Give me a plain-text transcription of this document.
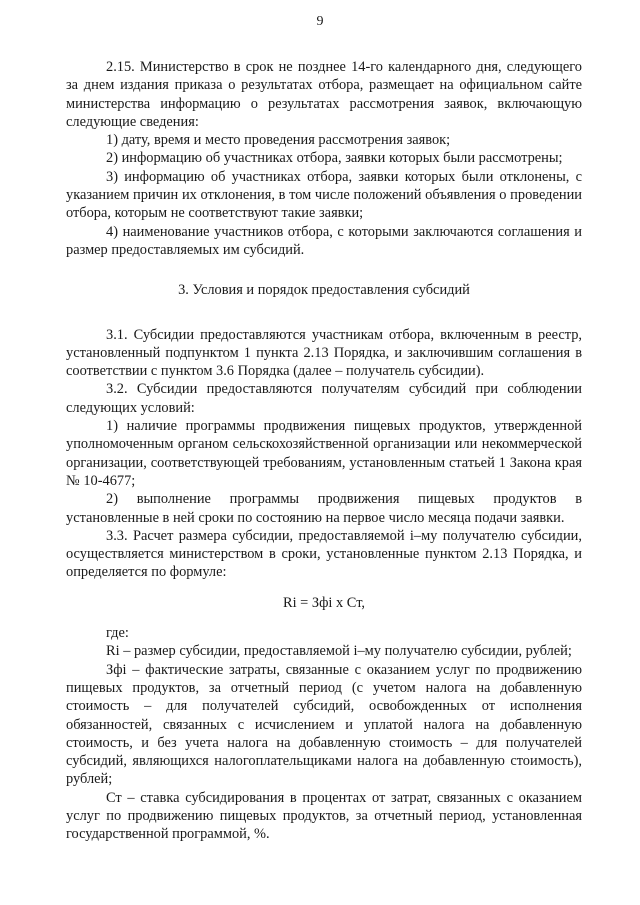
9

2.15. Министерство в срок не позднее 14-го календарного дня, следующего за днем издания приказа о результатах отбора, размещает на официальном сайте министерства информацию о результатах рассмотрения заявок, включающую следующие сведения:

1) дату, время и место проведения рассмотрения заявок;

2) информацию об участниках отбора, заявки которых были рассмотрены;

3) информацию об участниках отбора, заявки которых были отклонены, с указанием причин их отклонения, в том числе положений объявления о проведении отбора, которым не соответствуют такие заявки;

4) наименование участников отбора, с которыми заключаются соглашения и размер предоставляемых им субсидий.

3. Условия и порядок предоставления субсидий

3.1. Субсидии предоставляются участникам отбора, включенным в реестр, установленный подпунктом 1 пункта 2.13 Порядка, и заключившим соглашения в соответствии с пунктом 3.6 Порядка (далее – получатель субсидии).

3.2. Субсидии предоставляются получателям субсидий при соблюдении следующих условий:

1) наличие программы продвижения пищевых продуктов, утвержденной уполномоченным органом сельскохозяйственной организации или некоммерческой организации, соответствующей требованиям, установленным статьей 1 Закона края № 10-4677;

2) выполнение программы продвижения пищевых продуктов в установленные в ней сроки по состоянию на первое число месяца подачи заявки.

3.3. Расчет размера субсидии, предоставляемой i–му получателю субсидии, осуществляется министерством в сроки, установленные пунктом 2.13 Порядка, и определяется по формуле:

Ri = Зфi х Ст,

где:

Ri – размер субсидии, предоставляемой i–му получателю субсидии, рублей;

Зфi – фактические затраты, связанные с оказанием услуг по продвижению пищевых продуктов, за отчетный период (с учетом налога на добавленную стоимость – для получателей субсидий, освобожденных от исполнения обязанностей, связанных с исчислением и уплатой налога на добавленную стоимость, и без учета налога на добавленную стоимость – для получателей субсидий, являющихся налогоплательщиками налога на добавленную стоимость), рублей;

Ст – ставка субсидирования в процентах от затрат, связанных с оказанием услуг по продвижению пищевых продуктов, за отчетный период, установленная государственной программой, %.
